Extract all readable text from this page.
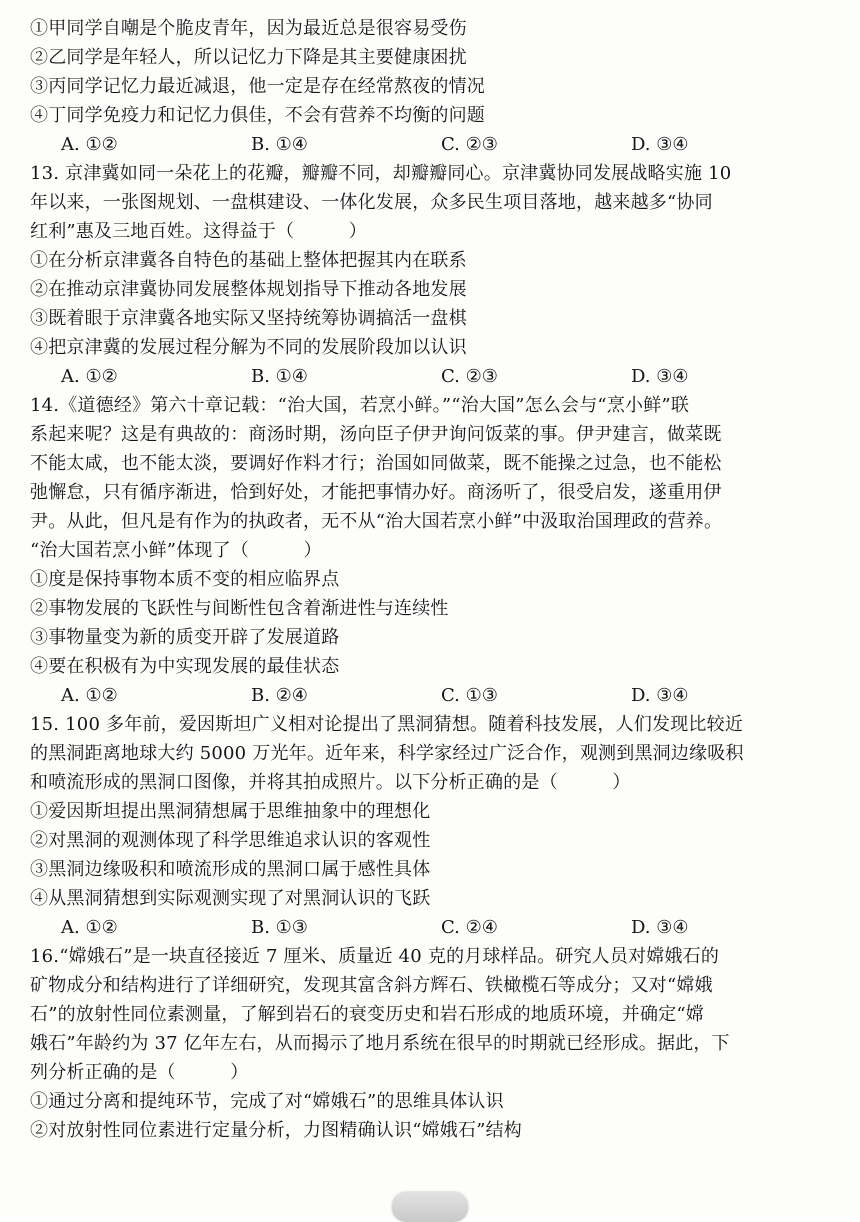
①甲同学自嘲是个脆皮青年，因为最近总是很容易受伤
②乙同学是年轻人，所以记忆力下降是其主要健康困扰
③丙同学记忆力最近减退，他一定是存在经常熬夜的情况
④丁同学免疫力和记忆力俱佳，不会有营养不均衡的问题
A. ①②	B. ①④	C. ②③	D. ③④
13. 京津冀如同一朵花上的花瓣，瓣瓣不同，却瓣瓣同心。京津冀协同发展战略实施 10
年以来，一张图规划、一盘棋建设、一体化发展，众多民生项目落地，越来越多“协同
红利”惠及三地百姓。这得益于（　　　）
①在分析京津冀各自特色的基础上整体把握其内在联系
②在推动京津冀协同发展整体规划指导下推动各地发展
③既着眼于京津冀各地实际又坚持统筹协调搞活一盘棋
④把京津冀的发展过程分解为不同的发展阶段加以认识
A. ①②	B. ①④	C. ②③	D. ③④
14.《道德经》第六十章记载：“治大国，若烹小鲜。”“治大国”怎么会与“烹小鲜”联
系起来呢？这是有典故的：商汤时期，汤向臣子伊尹询问饭菜的事。伊尹建言，做菜既
不能太咸，也不能太淡，要调好作料才行；治国如同做菜，既不能操之过急，也不能松
弛懈怠，只有循序渐进，恰到好处，才能把事情办好。商汤听了，很受启发，遂重用伊
尹。从此，但凡是有作为的执政者，无不从“治大国若烹小鲜”中汲取治国理政的营养。
“治大国若烹小鲜”体现了（　　　）
①度是保持事物本质不变的相应临界点
②事物发展的飞跃性与间断性包含着渐进性与连续性
③事物量变为新的质变开辟了发展道路
④要在积极有为中实现发展的最佳状态
A. ①②	B. ②④	C. ①③	D. ③④
15. 100 多年前，爱因斯坦广义相对论提出了黑洞猜想。随着科技发展，人们发现比较近
的黑洞距离地球大约 5000 万光年。近年来，科学家经过广泛合作，观测到黑洞边缘吸积
和喷流形成的黑洞口图像，并将其拍成照片。以下分析正确的是（　　　）
①爱因斯坦提出黑洞猜想属于思维抽象中的理想化
②对黑洞的观测体现了科学思维追求认识的客观性
③黑洞边缘吸积和喷流形成的黑洞口属于感性具体
④从黑洞猜想到实际观测实现了对黑洞认识的飞跃
A. ①②	B. ①③	C. ②④	D. ③④
16.“嫦娥石”是一块直径接近 7 厘米、质量近 40 克的月球样品。研究人员对嫦娥石的
矿物成分和结构进行了详细研究，发现其富含斜方辉石、铁橄榄石等成分；又对“嫦娥
石”的放射性同位素测量，了解到岩石的衰变历史和岩石形成的地质环境，并确定“嫦
娥石”年龄约为 37 亿年左右，从而揭示了地月系统在很早的时期就已经形成。据此，下
列分析正确的是（　　　）
①通过分离和提纯环节，完成了对“嫦娥石”的思维具体认识
②对放射性同位素进行定量分析，力图精确认识“嫦娥石”结构
